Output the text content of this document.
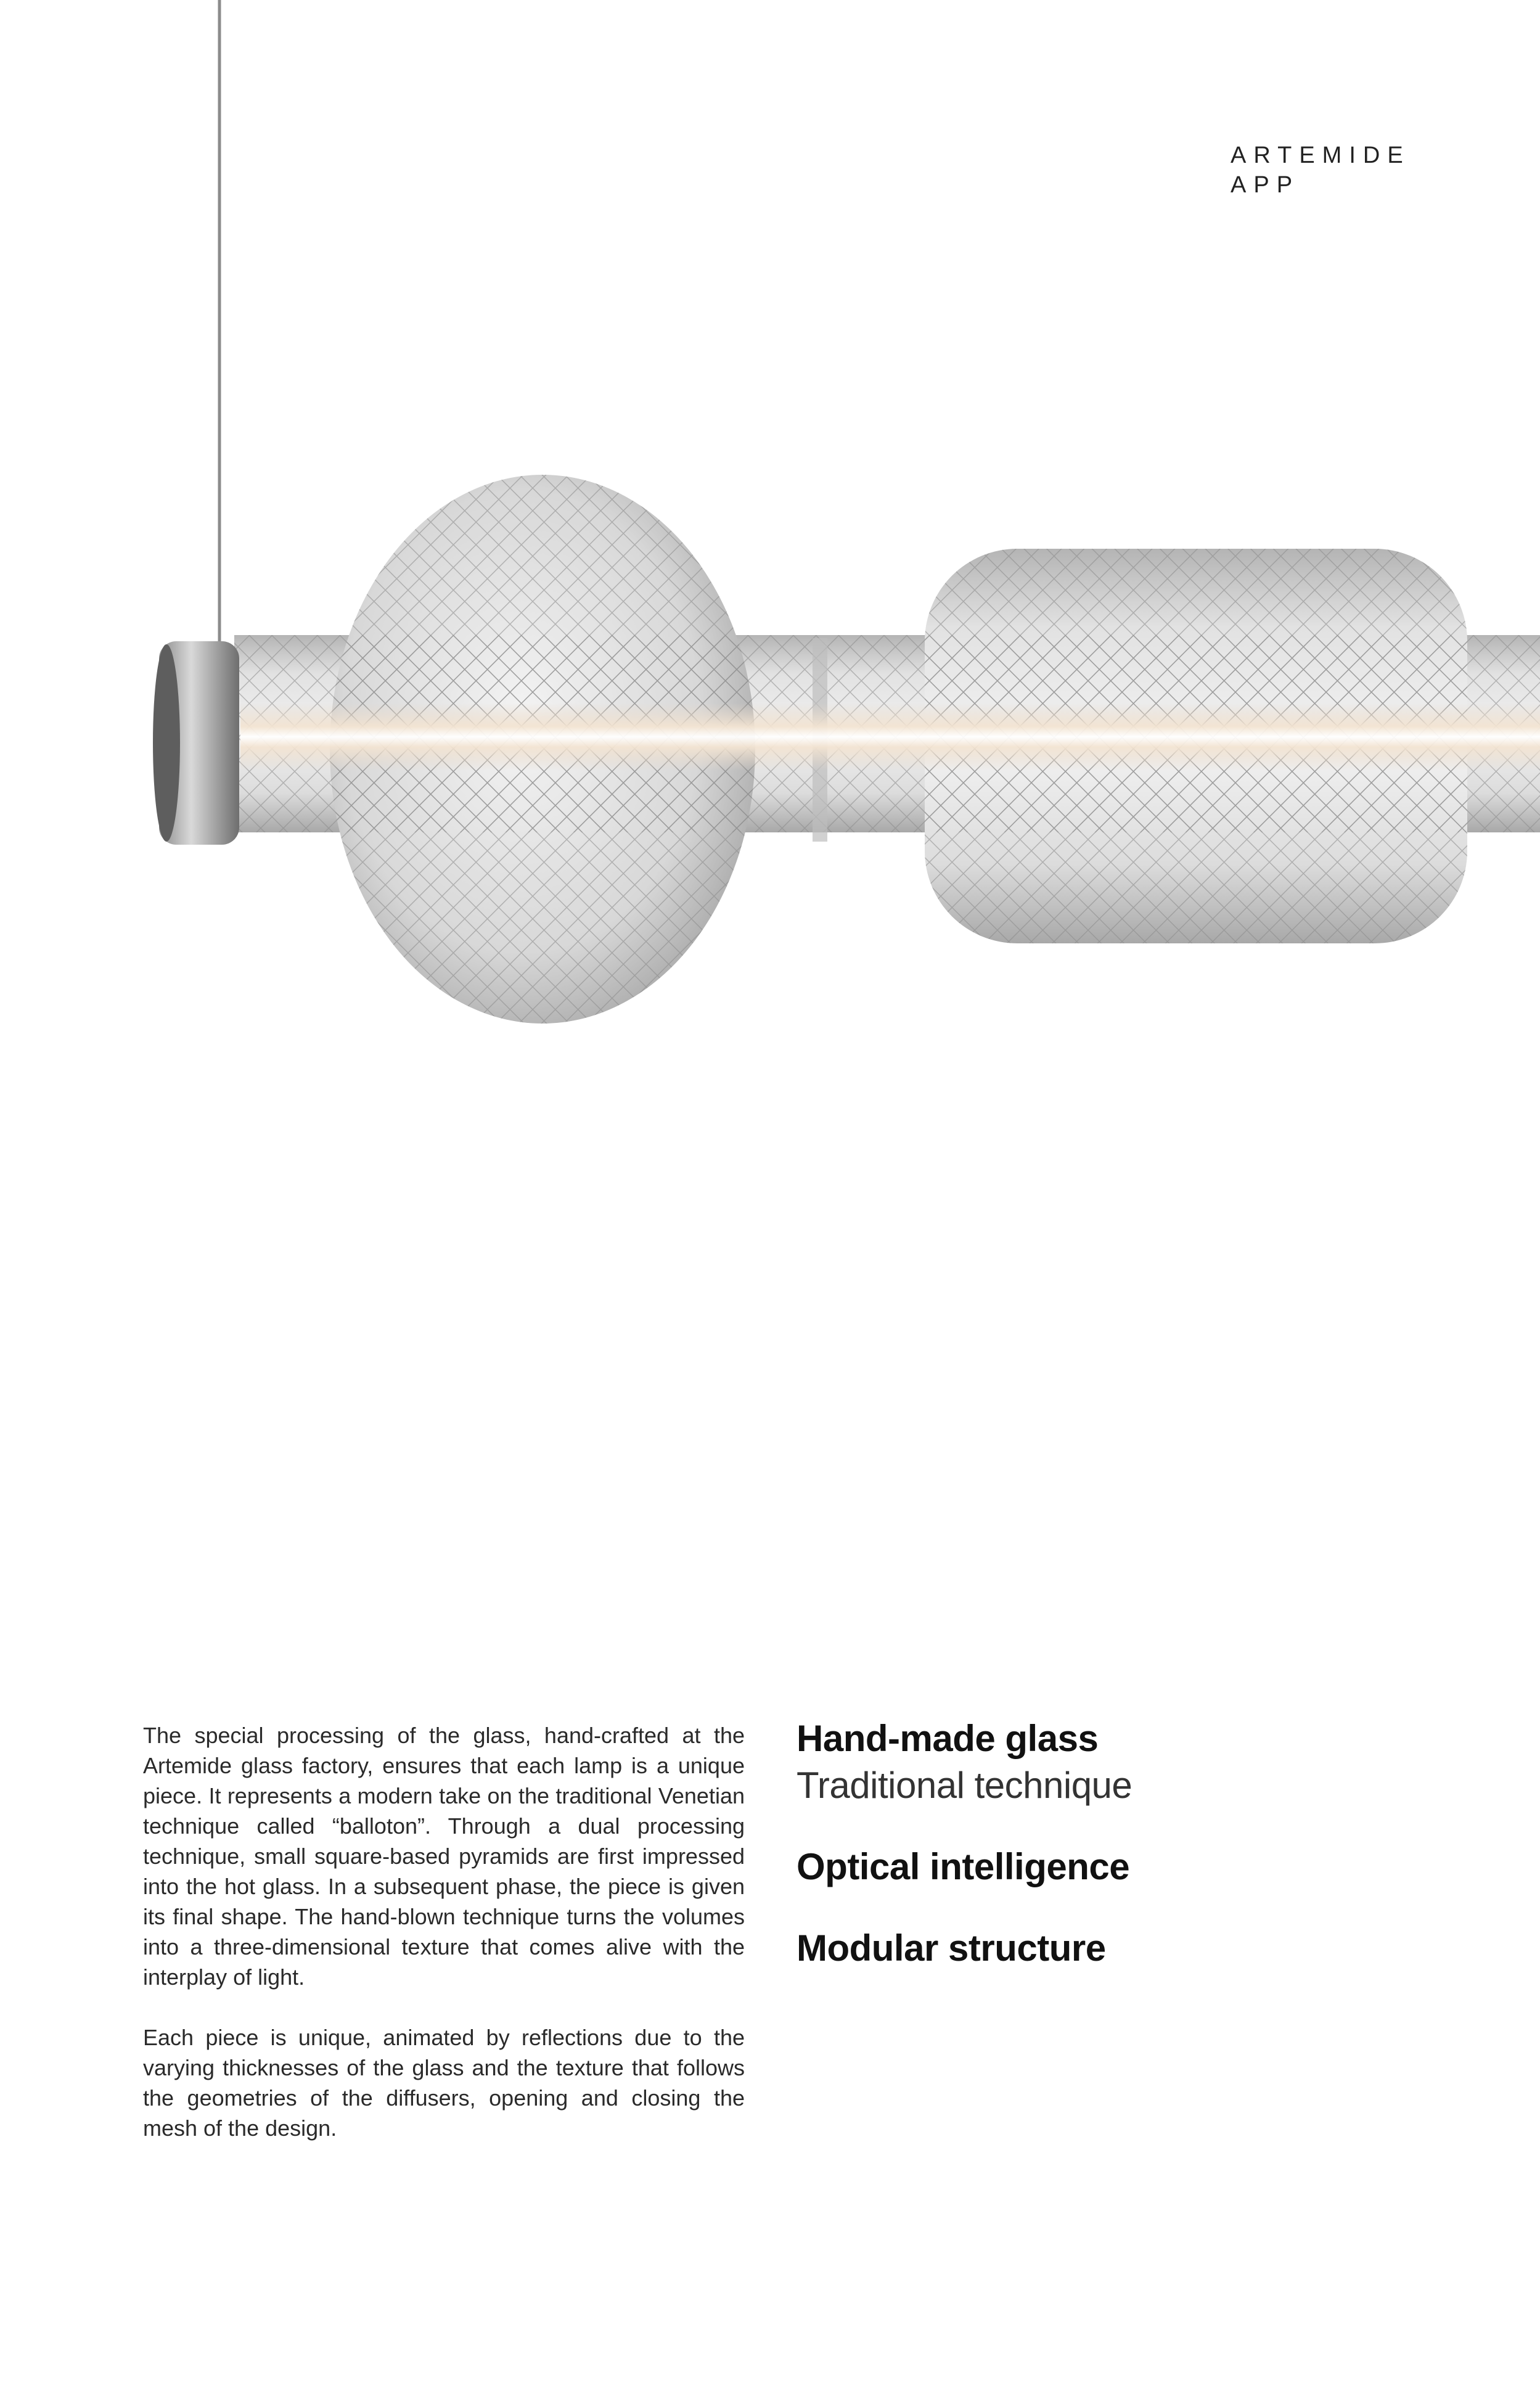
ARTEMIDE
APP

The special processing of the glass, hand-crafted at the Artemide glass factory, ensures that each lamp is a unique piece. It represents a modern take on the traditional Venetian technique called “balloton”. Through a dual processing technique, small square-based pyramids are first impressed into the hot glass. In a subsequent phase, the piece is given its final shape. The hand-blown technique turns the volumes into a three-dimensional texture that comes alive with the interplay of light.

Each piece is unique, animated by reflections due to the varying thicknesses of the glass and the texture that follows the geometries of the diffusers, opening and closing the mesh of the design.

Hand-made glass
Traditional technique
Optical intelligence
Modular structure
